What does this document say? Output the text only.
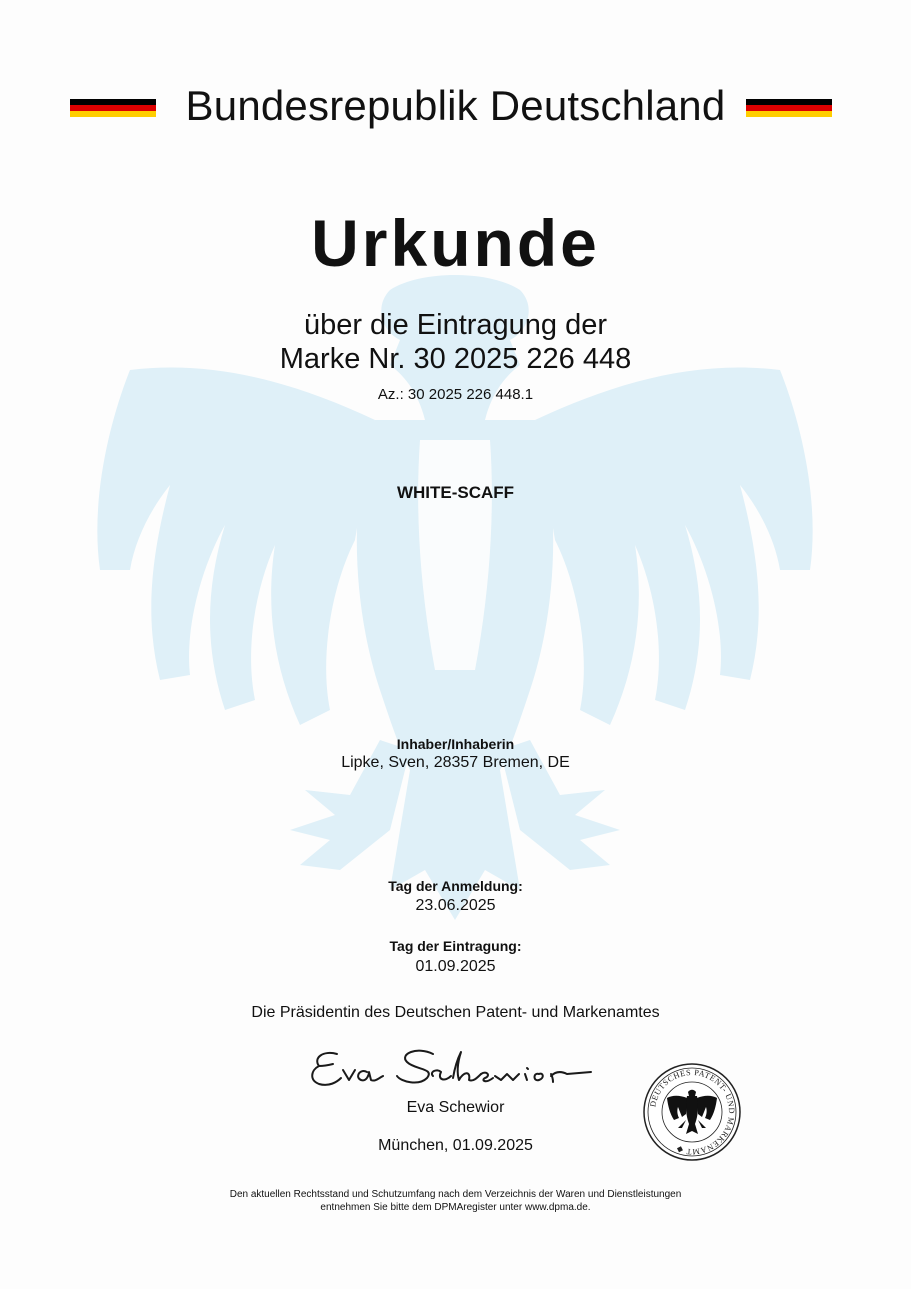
Bundesrepublik Deutschland
Urkunde
über die Eintragung der
Marke Nr. 30 2025 226 448
Az.: 30 2025 226 448.1
WHITE-SCAFF
Inhaber/Inhaberin
Lipke, Sven, 28357 Bremen, DE
Tag der Anmeldung:
23.06.2025
Tag der Eintragung:
01.09.2025
Die Präsidentin des Deutschen Patent- und Markenamtes
Eva Schewior
München, 01.09.2025
DEUTSCHES PATENT- UND MARKENAMT ◆
Den aktuellen Rechtsstand und Schutzumfang nach dem Verzeichnis der Waren und Dienstleistungen
entnehmen Sie bitte dem DPMAregister unter www.dpma.de.
